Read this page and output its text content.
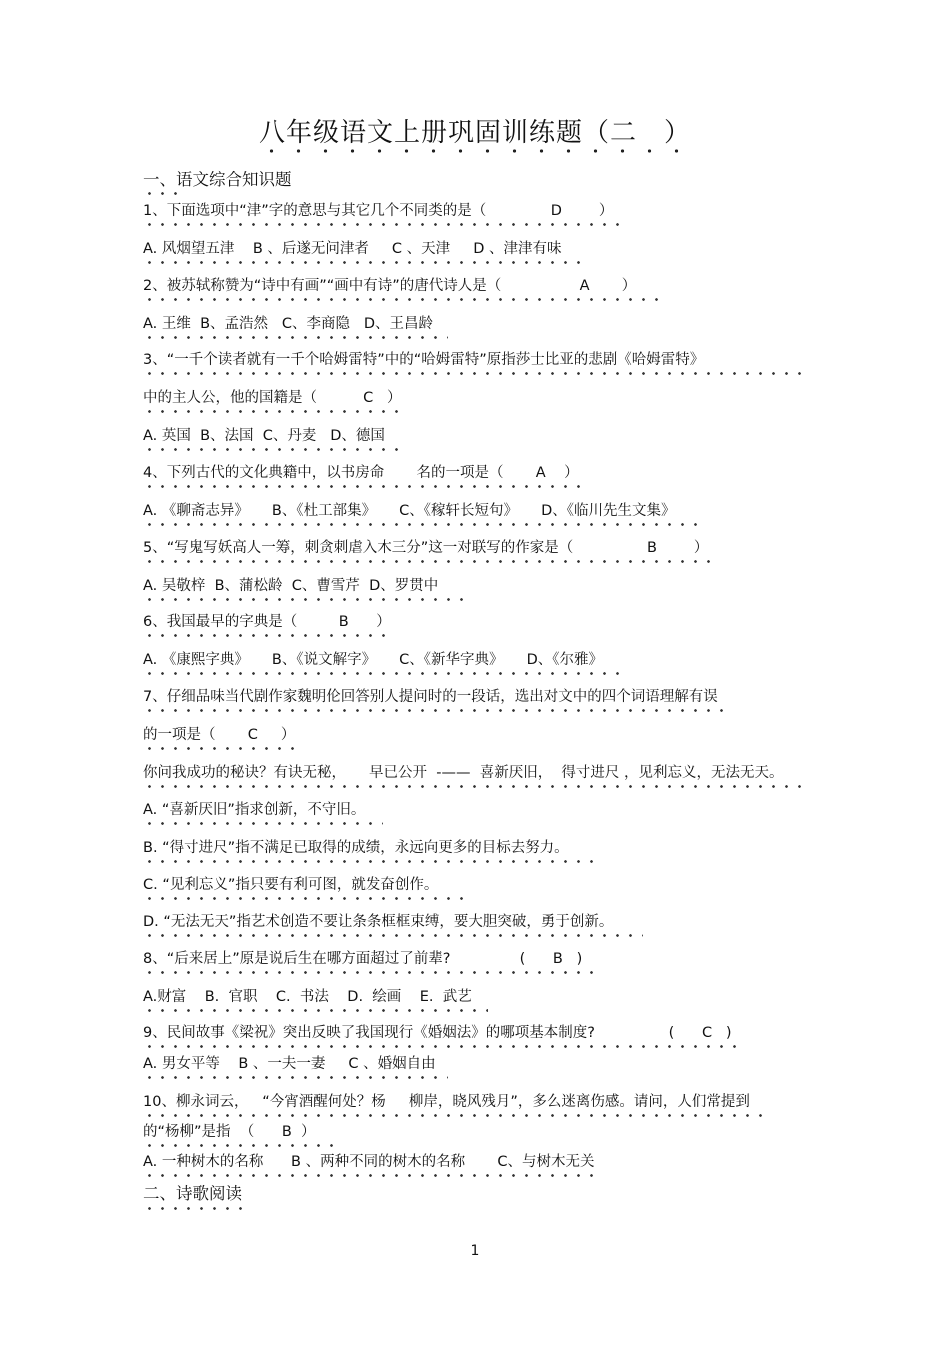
八年级语文上册巩固训练题（二　）
一、语文综合知识题
1、下面选项中“津”字的意思与其它几个不同类的是（              D        ）
A. 风烟望五津    B 、后遂无问津者     C 、天津     D 、津津有味
2、被苏轼称赞为“诗中有画”“画中有诗”的唐代诗人是（                 A       ）
A. 王维  B、孟浩然   C、李商隐   D、王昌龄
3、“一千个读者就有一千个哈姆雷特”中的“哈姆雷特”原指莎士比亚的悲剧《哈姆雷特》
中的主人公，他的国籍是（          C   ）
A. 英国  B、法国  C、丹麦   D、德国
4、下列古代的文化典籍中，以书房命       名的一项是（       A    ）
A. 《聊斋志异》     B、《杜工部集》     C、《稼轩长短句》     D、《临川先生文集》
5、“写鬼写妖高人一筹，刺贪刺虐入木三分”这一对联写的作家是（                B        ）
A. 吴敬梓  B、蒲松龄  C、曹雪芹  D、罗贯中
6、我国最早的字典是（         B      ）
A. 《康熙字典》     B、《说文解字》     C、《新华字典》     D、《尔雅》
7、仔细品味当代剧作家魏明伦回答别人提问时的一段话，选出对文中的四个词语理解有误
的一项是（       C     ）
你问我成功的秘诀？有诀无秘，     早已公开  -——  喜新厌旧，  得寸进尺 ，见利忘义，无法无天。
A. “喜新厌旧”指求创新，不守旧。
B. “得寸进尺”指不满足已取得的成绩，永远向更多的目标去努力。
C. “见利忘义”指只要有利可图，就发奋创作。
D. “无法无天”指艺术创造不要让条条框框束缚，要大胆突破，勇于创新。
8、“后来居上”原是说后生在哪方面超过了前辈?               (      B   )
A.财富    B.  官职    C.  书法    D.  绘画    E.  武艺
9、民间故事《梁祝》突出反映了我国现行《婚姻法》的哪项基本制度?                (      C   )
A. 男女平等    B 、一夫一妻     C 、婚姻自由
10、柳永词云，   “今宵酒醒何处？杨     柳岸，晓风残月”，多么迷离伤感。请问，人们常提到
的“杨柳”是指  （      B  ）
A. 一种树木的名称      B 、两种不同的树木的名称       C、与树木无关
二、诗歌阅读
1
